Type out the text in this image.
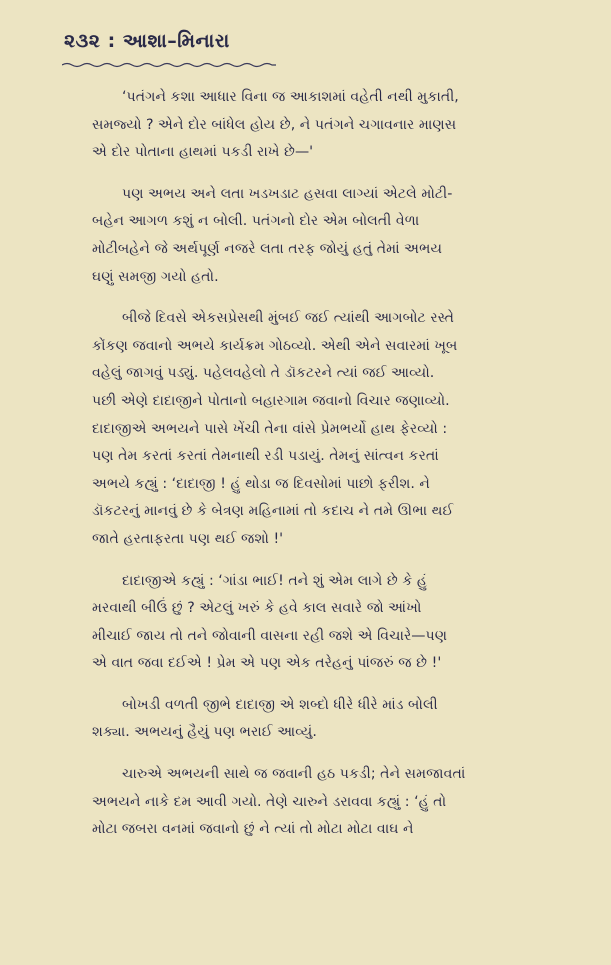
૨૩૨ : આશા–મિનારા

‘પતંગને કશા આધાર વિના જ આકાશમાં વહેતી નથી મુકાતી,
સમજ્યો ? એને દોર બાંધેલ હોય છે, ને પતંગને ચગાવનાર માણસ
એ દોર પોતાના હાથમાં પકડી રાખે છે—'

પણ અભય અને લતા ખડખડાટ હસવા લાગ્યાં એટલે મોટી-
બહેન આગળ કશું ન બોલી. પતંગનો દોર એમ બોલતી વેળા
મોટીબહેને જે અર્થપૂર્ણ નજરે લતા તરફ જોયું હતું તેમાં અભય
ઘણું સમજી ગયો હતો.

બીજે દિવસે એકસપ્રેસથી મુંબઈ જઈ ત્યાંથી આગબોટ રસ્તે
કોંકણ જવાનો અભયે કાર્યક્રમ ગોઠવ્યો. એથી એને સવારમાં ખૂબ
વહેલું જાગવું પડ્યું. પહેલવહેલો તે ડૉકટરને ત્યાં જઈ આવ્યો.
પછી એણે દાદાજીને પોતાનો બહારગામ જવાનો વિચાર જણાવ્યો.
દાદાજીએ અભયને પાસે ખેંચી તેના વાંસે પ્રેમભર્યો હાથ ફેરવ્યો :
પણ તેમ કરતાં કરતાં તેમનાથી રડી પડાયું. તેમનું સાંત્વન કરતાં
અભયે કહ્યું : ‘દાદાજી ! હું થોડા જ દિવસોમાં પાછો ફરીશ. ને
ડૉકટરનું માનવું છે કે બેત્રણ મહિનામાં તો કદાચ ને તમે ઊભા થઈ
જાતે હરતાફરતા પણ થઈ જશો !'

દાદાજીએ કહ્યું : ‘ગાંડા ભાઈ! તને શું એમ લાગે છે કે હું
મરવાથી બીઉં છું ? એટલું ખરું કે હવે કાલ સવારે જો આંખો
મીચાઈ જાય તો તને જોવાની વાસના રહી જશે એ વિચારે—પણ
એ વાત જવા દઈએ ! પ્રેમ એ પણ એક તરેહનું પાંજરું જ છે !'

બોખડી વળતી જીભે દાદાજી એ શબ્દો ધીરે ધીરે માંડ બોલી
શક્યા. અભયનું હૈયું પણ ભરાઈ આવ્યું.

ચારુએ અભયની સાથે જ જવાની હઠ પકડી; તેને સમજાવતાં
અભયને નાકે દમ આવી ગયો. તેણે ચારુને ડરાવવા કહ્યું : ‘હું તો
મોટા જબરા વનમાં જવાનો છું ને ત્યાં તો મોટા મોટા વાઘ ને
